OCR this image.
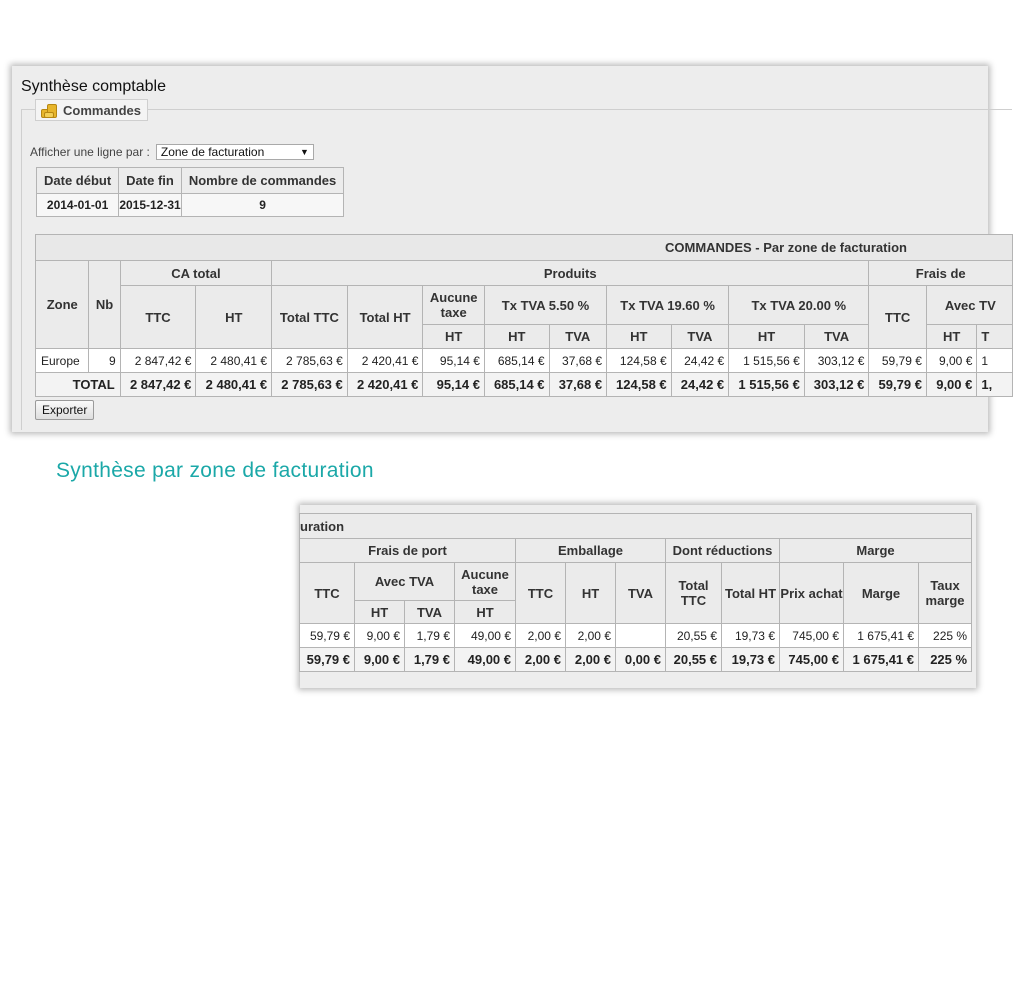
Synthèse comptable
Commandes
Afficher une ligne par : Zone de facturation	▼
Date début	Date fin	Nombre de commandes
2014-01-01	2015-12-31	9
COMMANDES - Par zone de facturation															
Zone	Nb	CA total		Produits									Frais de		
		TTC	HT	Total TTC	Total HT	Aucune taxe	Tx TVA 5.50 %		Tx TVA 19.60 %		Tx TVA 20.00 %		TTC	Avec TV	
						HT	HT	TVA	HT	TVA	HT	TVA		HT	T
Europe	9	2 847,42 €	2 480,41 €	2 785,63 €	2 420,41 €	95,14 €	685,14 €	37,68 €	124,58 €	24,42 €	1 515,56 €	303,12 €	59,79 €	9,00 €	1
TOTAL		2 847,42 €	2 480,41 €	2 785,63 €	2 420,41 €	95,14 €	685,14 €	37,68 €	124,58 €	24,42 €	1 515,56 €	303,12 €	59,79 €	9,00 €	1,
Exporter
Synthèse par zone de facturation
uration											
Frais de port				Emballage			Dont réductions		Marge		
TTC	Avec TVA		Aucune taxe	TTC	HT	TVA	Total TTC	Total HT	Prix achat	Marge	Taux marge
	HT	TVA	HT								
59,79 €	9,00 €	1,79 €	49,00 €	2,00 €	2,00 €		20,55 €	19,73 €	745,00 €	1 675,41 €	225 %
59,79 €	9,00 €	1,79 €	49,00 €	2,00 €	2,00 €	0,00 €	20,55 €	19,73 €	745,00 €	1 675,41 €	225 %
